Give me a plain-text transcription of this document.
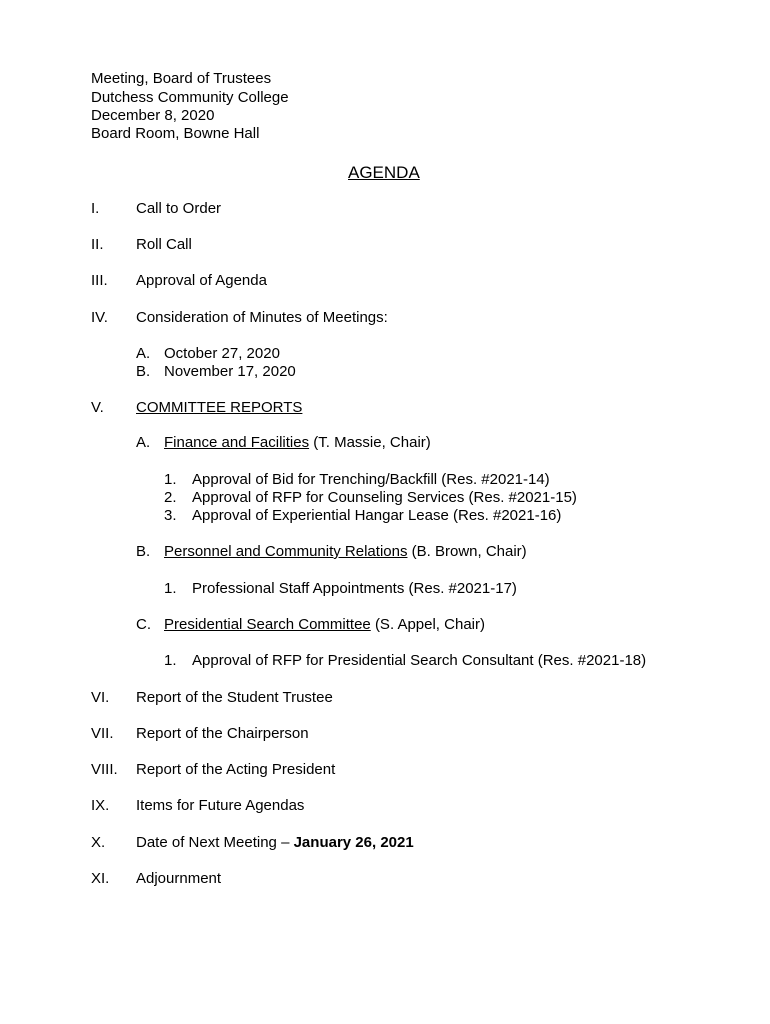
Meeting, Board of Trustees
Dutchess Community College
December 8, 2020
Board Room, Bowne Hall
AGENDA
I. Call to Order
II. Roll Call
III. Approval of Agenda
IV. Consideration of Minutes of Meetings:
A. October 27, 2020
B. November 17, 2020
V. COMMITTEE REPORTS
A. Finance and Facilities (T. Massie, Chair)
1. Approval of Bid for Trenching/Backfill (Res. #2021-14)
2. Approval of RFP for Counseling Services (Res. #2021-15)
3. Approval of Experiential Hangar Lease (Res. #2021-16)
B. Personnel and Community Relations (B. Brown, Chair)
1. Professional Staff Appointments (Res. #2021-17)
C. Presidential Search Committee (S. Appel, Chair)
1. Approval of RFP for Presidential Search Consultant (Res. #2021-18)
VI. Report of the Student Trustee
VII. Report of the Chairperson
VIII. Report of the Acting President
IX. Items for Future Agendas
X. Date of Next Meeting – January 26, 2021
XI. Adjournment
